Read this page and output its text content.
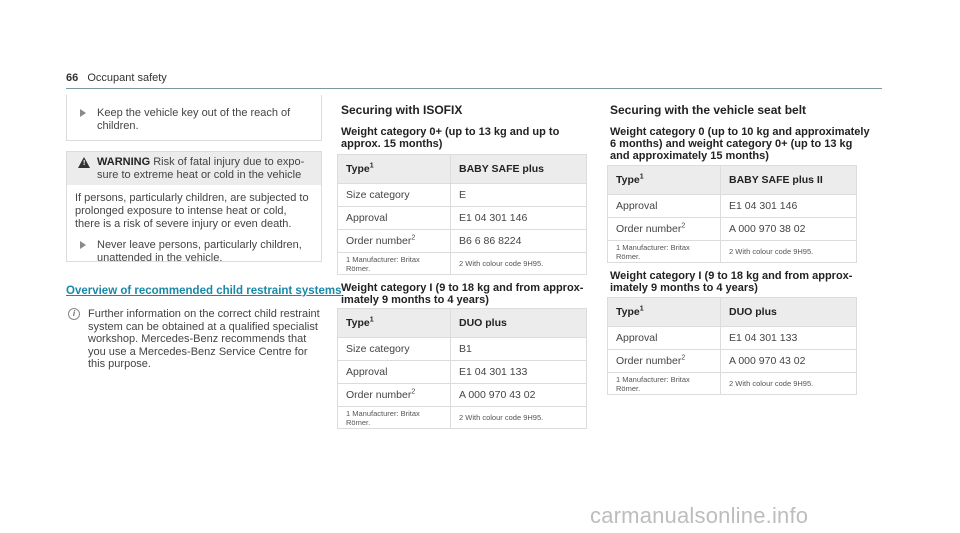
66 Occupant safety
Keep the vehicle key out of the reach of children.
! WARNING Risk of fatal injury due to exposure to extreme heat or cold in the vehicle
If persons, particularly children, are subjected to prolonged exposure to intense heat or cold, there is a risk of severe injury or even death.
Never leave persons, particularly children, unattended in the vehicle.
Overview of recommended child restraint systems
i	Further information on the correct child restraint system can be obtained at a qualified specialist workshop. Mercedes-Benz recommends that you use a Mercedes-Benz Service Centre for this purpose.
Securing with ISOFIX
Weight category 0+ (up to 13 kg and up to approx. 15 months)
Type$^1$	BABY SAFE plus
Size category	E
Approval	E1 04 301 146
Order number$^2$	B6 6 86 8224
1 Manufacturer: Britax Römer.	2 With colour code 9H95.
Weight category I (9 to 18 kg and from approximately 9 months to 4 years)
Type$^1$	DUO plus
Size category	B1
Approval	E1 04 301 133
Order number$^2$	A 000 970 43 02
1 Manufacturer: Britax Römer.	2 With colour code 9H95.
Securing with the vehicle seat belt
Weight category 0 (up to 10 kg and approximately 6 months) and weight category 0+ (up to 13 kg and approximately 15 months)
Type$^1$	BABY SAFE plus II
Approval	E1 04 301 146
Order number$^2$	A 000 970 38 02
1 Manufacturer: Britax Römer.	2 With colour code 9H95.
Weight category I (9 to 18 kg and from approximately 9 months to 4 years)
Type$^1$	DUO plus
Approval	E1 04 301 133
Order number$^2$	A 000 970 43 02
1 Manufacturer: Britax Römer.	2 With colour code 9H95.
carmanualsonline.info
